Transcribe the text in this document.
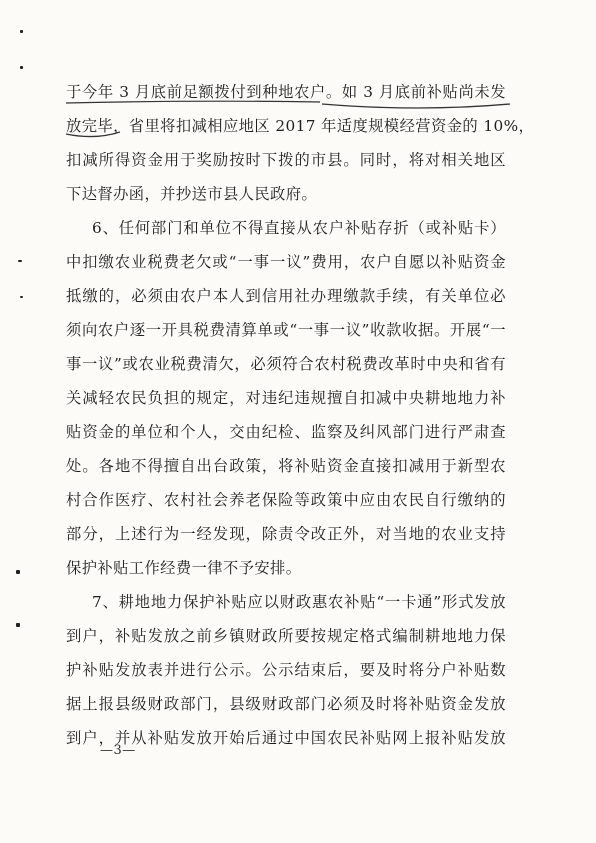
于今年 3 月底前足额拨付到种地农户。如 3 月底前补贴尚未发
放完毕，省里将扣减相应地区 2017 年适度规模经营资金的 10%，
扣减所得资金用于奖励按时下拨的市县。同时，将对相关地区
下达督办函，并抄送市县人民政府。
6、任何部门和单位不得直接从农户补贴存折（或补贴卡）
中扣缴农业税费老欠或“一事一议”费用，农户自愿以补贴资金
抵缴的，必须由农户本人到信用社办理缴款手续，有关单位必
须向农户逐一开具税费清算单或“一事一议”收款收据。开展“一
事一议”或农业税费清欠，必须符合农村税费改革时中央和省有
关减轻农民负担的规定，对违纪违规擅自扣减中央耕地地力补
贴资金的单位和个人，交由纪检、监察及纠风部门进行严肃查
处。各地不得擅自出台政策，将补贴资金直接扣减用于新型农
村合作医疗、农村社会养老保险等政策中应由农民自行缴纳的
部分，上述行为一经发现，除责令改正外，对当地的农业支持
保护补贴工作经费一律不予安排。
7、耕地地力保护补贴应以财政惠农补贴“一卡通”形式发放
到户，补贴发放之前乡镇财政所要按规定格式编制耕地地力保
护补贴发放表并进行公示。公示结束后，要及时将分户补贴数
据上报县级财政部门，县级财政部门必须及时将补贴资金发放
到户，并从补贴发放开始后通过中国农民补贴网上报补贴发放
—3—
